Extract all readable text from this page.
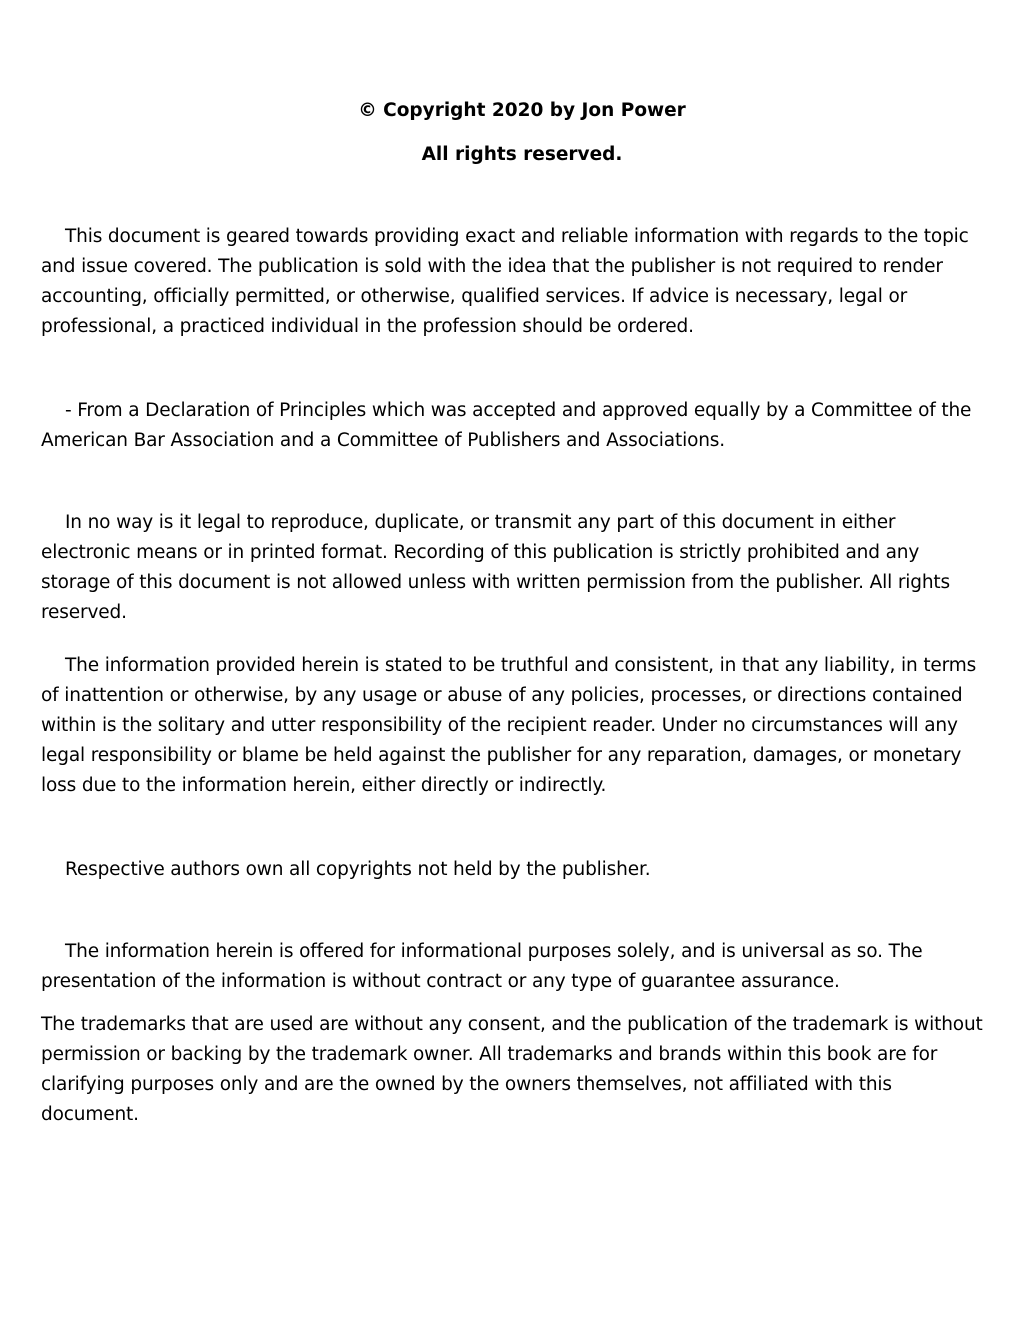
© Copyright 2020 by Jon Power

All rights reserved.

This document is geared towards providing exact and reliable information with regards to the topic and issue covered. The publication is sold with the idea that the publisher is not required to render accounting, officially permitted, or otherwise, qualified services. If advice is necessary, legal or professional, a practiced individual in the profession should be ordered.

- From a Declaration of Principles which was accepted and approved equally by a Committee of the American Bar Association and a Committee of Publishers and Associations.

In no way is it legal to reproduce, duplicate, or transmit any part of this document in either electronic means or in printed format. Recording of this publication is strictly prohibited and any storage of this document is not allowed unless with written permission from the publisher. All rights reserved.

The information provided herein is stated to be truthful and consistent, in that any liability, in terms of inattention or otherwise, by any usage or abuse of any policies, processes, or directions contained within is the solitary and utter responsibility of the recipient reader. Under no circumstances will any legal responsibility or blame be held against the publisher for any reparation, damages, or monetary loss due to the information herein, either directly or indirectly.

Respective authors own all copyrights not held by the publisher.

The information herein is offered for informational purposes solely, and is universal as so. The presentation of the information is without contract or any type of guarantee assurance.

The trademarks that are used are without any consent, and the publication of the trademark is without permission or backing by the trademark owner. All trademarks and brands within this book are for clarifying purposes only and are the owned by the owners themselves, not affiliated with this document.
